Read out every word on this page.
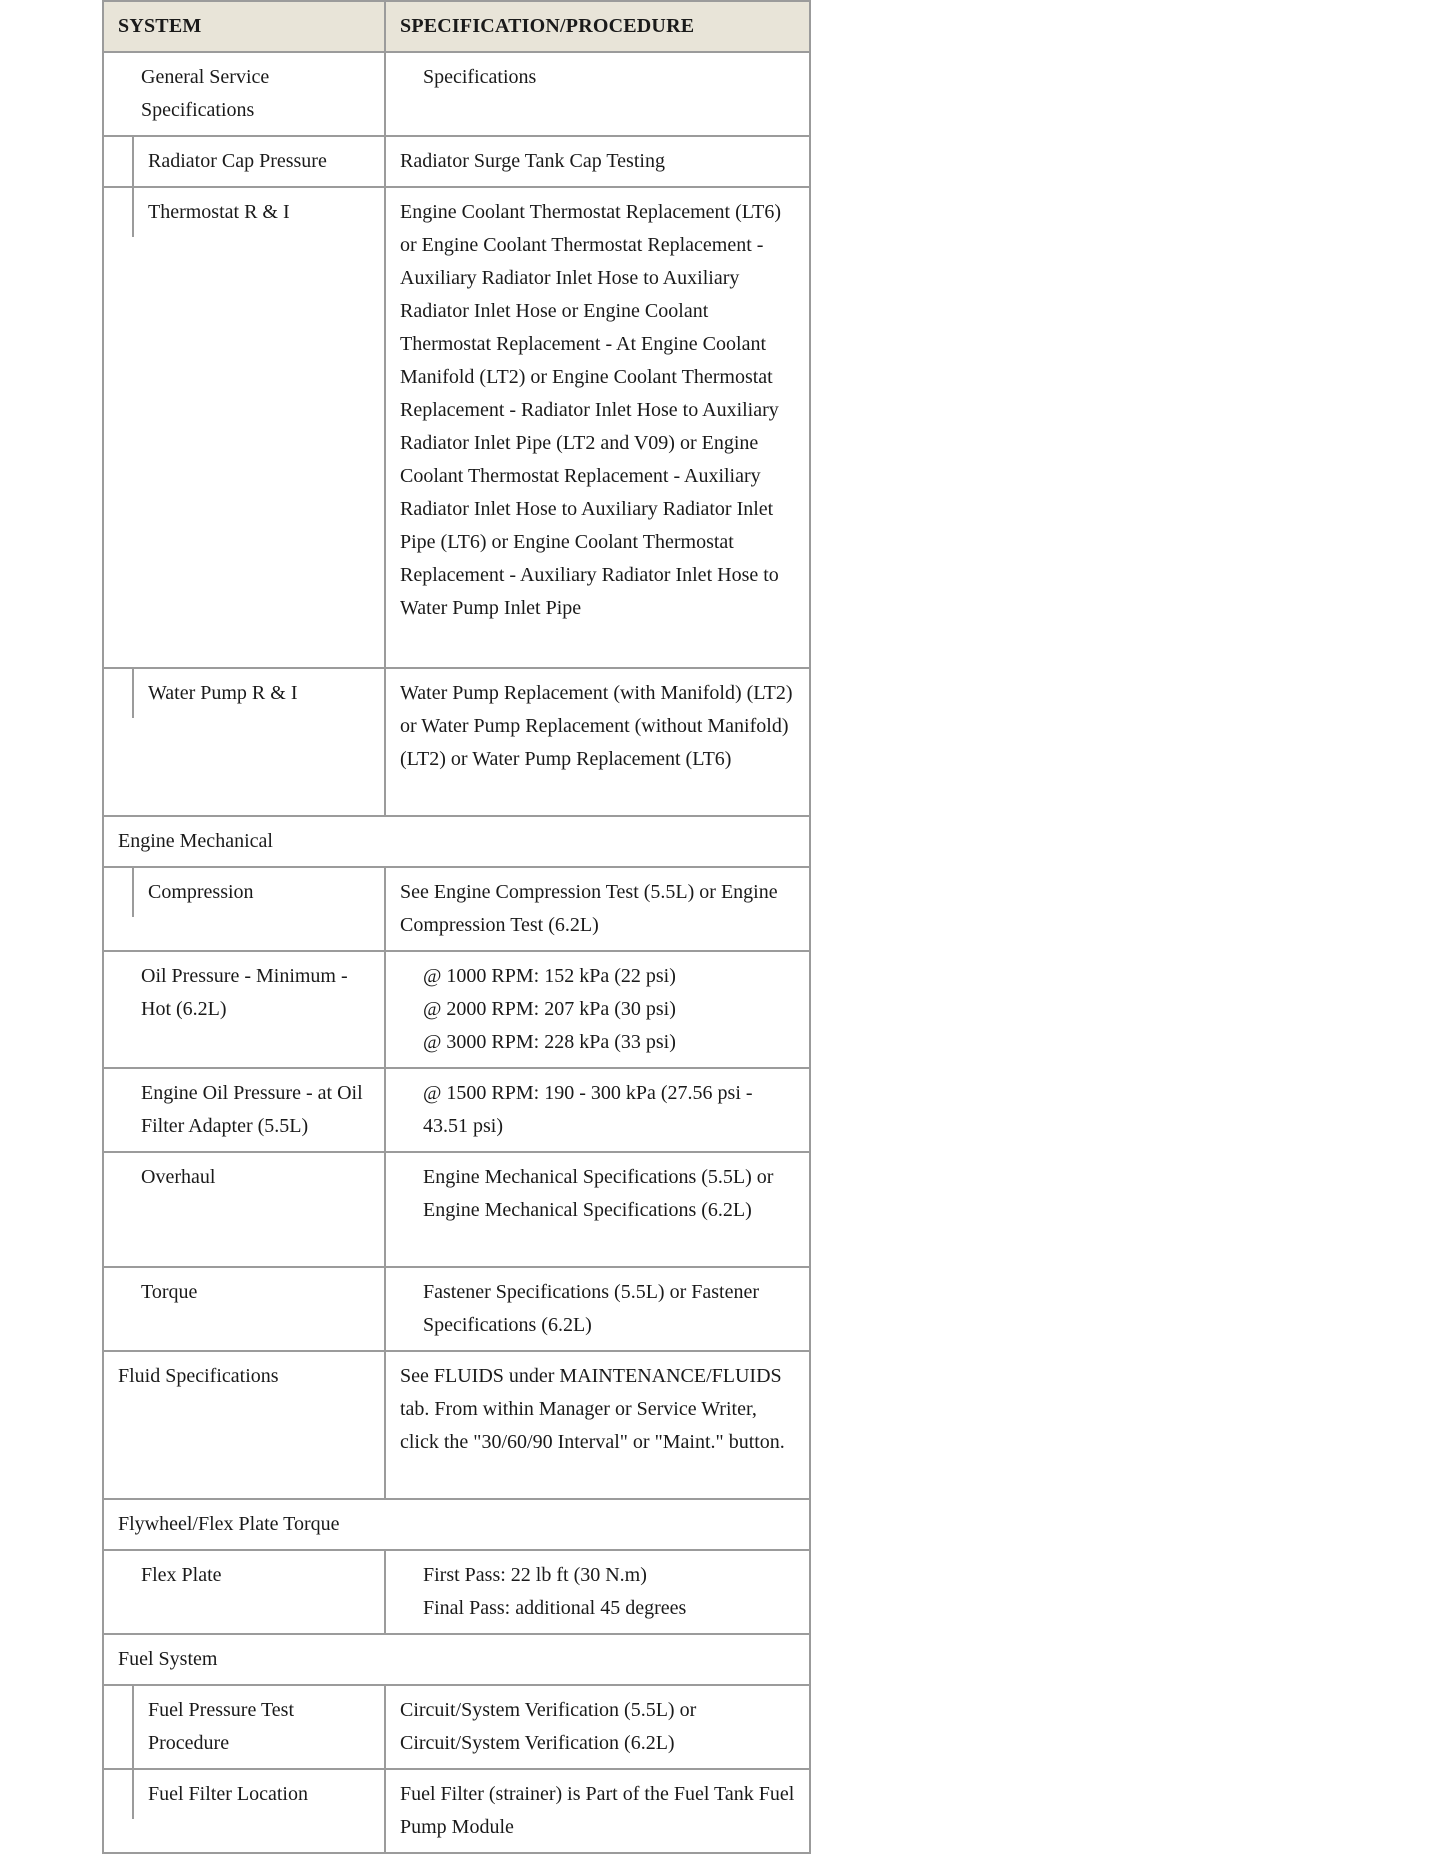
SYSTEM	SPECIFICATION/PROCEDURE
General Service Specifications	Specifications

Radiator Cap Pressure	Radiator Surge Tank Cap Testing

Thermostat R & I	Engine Coolant Thermostat Replacement (LT6) or Engine Coolant Thermostat Replacement - Auxiliary Radiator Inlet Hose to Auxiliary Radiator Inlet Hose or Engine Coolant Thermostat Replacement - At Engine Coolant Manifold (LT2) or Engine Coolant Thermostat Replacement - Radiator Inlet Hose to Auxiliary Radiator Inlet Pipe (LT2 and V09) or Engine Coolant Thermostat Replacement - Auxiliary Radiator Inlet Hose to Auxiliary Radiator Inlet Pipe (LT6) or Engine Coolant Thermostat Replacement - Auxiliary Radiator Inlet Hose to Water Pump Inlet Pipe

Water Pump R & I	Water Pump Replacement (with Manifold) (LT2) or Water Pump Replacement (without Manifold) (LT2) or Water Pump Replacement (LT6)
Engine Mechanical	

Compression	See Engine Compression Test (5.5L) or Engine Compression Test (6.2L)
Oil Pressure - Minimum - Hot (6.2L)	@ 1000 RPM: 152 kPa (22 psi)
@ 2000 RPM: 207 kPa (30 psi)
@ 3000 RPM: 228 kPa (33 psi)

Engine Oil Pressure - at Oil Filter Adapter (5.5L)	@ 1500 RPM: 190 - 300 kPa (27.56 psi - 43.51 psi)
Overhaul	Engine Mechanical Specifications (5.5L) or Engine Mechanical Specifications (6.2L)
Torque	Fastener Specifications (5.5L) or Fastener Specifications (6.2L)
Fluid Specifications	See FLUIDS under MAINTENANCE/FLUIDS tab. From within Manager or Service Writer, click the "30/60/90 Interval" or "Maint." button.
Flywheel/Flex Plate Torque	
Flex Plate	First Pass: 22 lb ft (30 N.m)
Final Pass: additional 45 degrees

Fuel System	

Fuel Pressure Test Procedure	Circuit/System Verification (5.5L) or Circuit/System Verification (6.2L)

Fuel Filter Location	Fuel Filter (strainer) is Part of the Fuel Tank Fuel Pump Module
